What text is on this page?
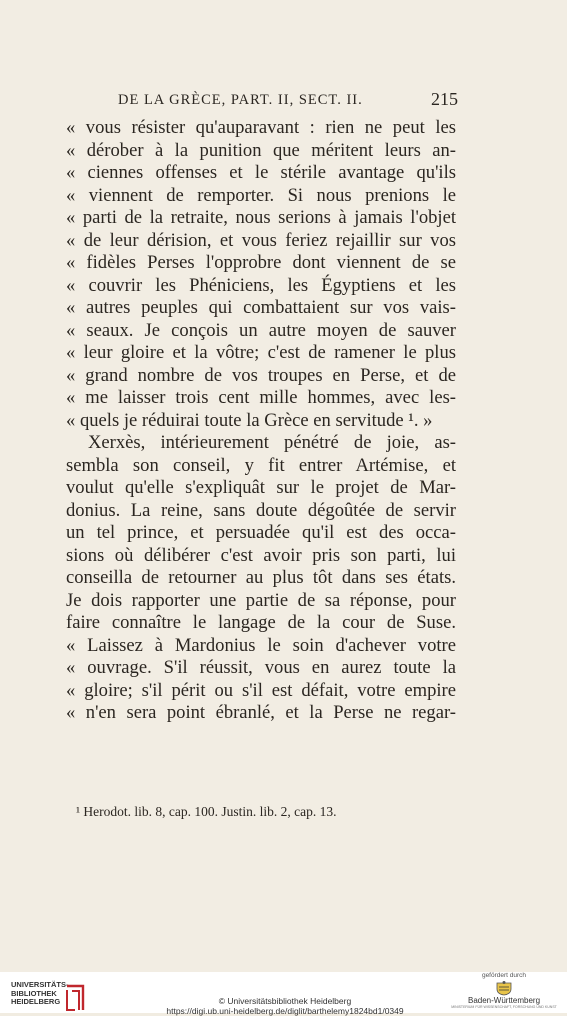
DE LA GRÈCE, PART. II, SECT. II.	215
« vous résister qu'auparavant : rien ne peut les
« dérober à la punition que méritent leurs an-
« ciennes offenses et le stérile avantage qu'ils
« viennent de remporter. Si nous prenions le
« parti de la retraite, nous serions à jamais l'objet
« de leur dérision, et vous feriez rejaillir sur vos
« fidèles Perses l'opprobre dont viennent de se
« couvrir les Phéniciens, les Égyptiens et les
« autres peuples qui combattaient sur vos vais-
« seaux. Je conçois un autre moyen de sauver
« leur gloire et la vôtre; c'est de ramener le plus
« grand nombre de vos troupes en Perse, et de
« me laisser trois cent mille hommes, avec les-
« quels je réduirai toute la Grèce en servitude ¹. »
Xerxès, intérieurement pénétré de joie, as-
sembla son conseil, y fit entrer Artémise, et
voulut qu'elle s'expliquât sur le projet de Mar-
donius. La reine, sans doute dégoûtée de servir
un tel prince, et persuadée qu'il est des occa-
sions où délibérer c'est avoir pris son parti, lui
conseilla de retourner au plus tôt dans ses états.
Je dois rapporter une partie de sa réponse, pour
faire connaître le langage de la cour de Suse.
« Laissez à Mardonius le soin d'achever votre
« ouvrage. S'il réussit, vous en aurez toute la
« gloire; s'il périt ou s'il est défait, votre empire
« n'en sera point ébranlé, et la Perse ne regar-
¹ Herodot. lib. 8, cap. 100. Justin. lib. 2, cap. 13.
UNIVERSITÄTS-
BIBLIOTHEK
HEIDELBERG	© Universitätsbibliothek Heidelberg
https://digi.ub.uni-heidelberg.de/diglit/barthelemy1824bd1/0349
gefördert durch
Baden-Württemberg
MINISTERIUM FÜR WISSENSCHAFT, FORSCHUNG UND KUNST
